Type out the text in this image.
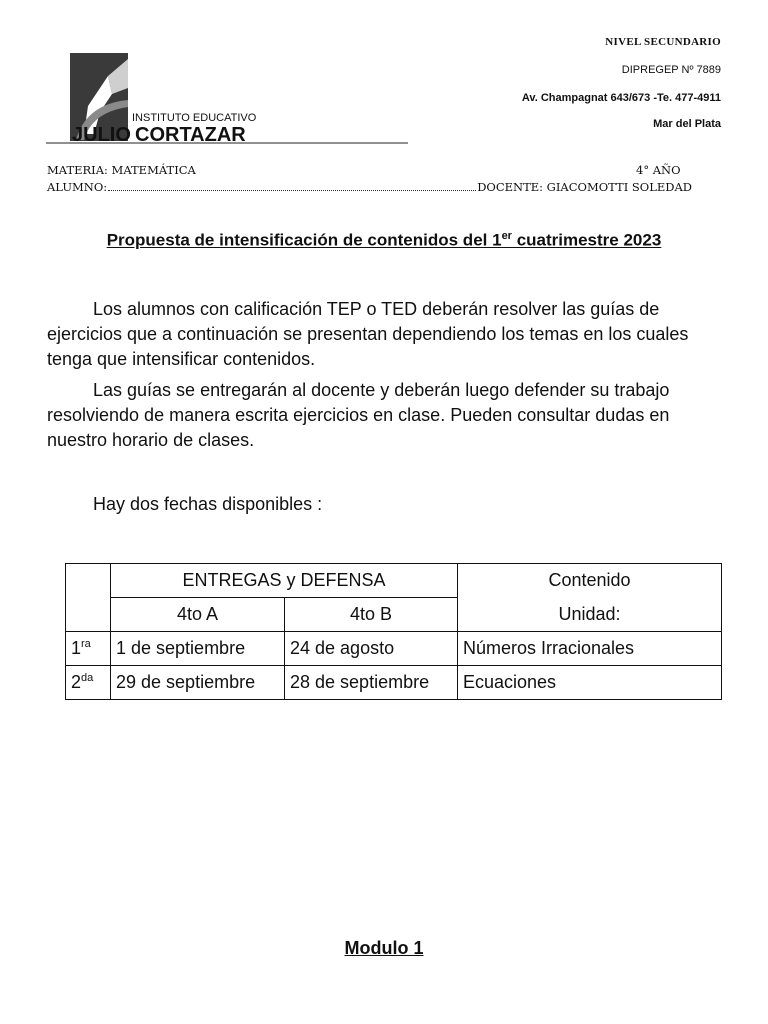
NIVEL SECUNDARIO
DIPREGEP Nº 7889
Av. Champagnat 643/673 -Te. 477-4911
Mar del Plata
INSTITUTO EDUCATIVO
JULIO CORTAZAR
MATERIA: MATEMÁTICA	4° AÑO
ALUMNO:	DOCENTE: GIACOMOTTI SOLEDAD
Propuesta de intensificación de contenidos del 1er cuatrimestre 2023

Los alumnos con calificación TEP o TED deberán resolver las guías de ejercicios que a continuación se presentan dependiendo los temas en los cuales tenga que intensificar contenidos.

Las guías se entregarán al docente y deberán luego defender su trabajo resolviendo de manera escrita ejercicios en clase. Pueden consultar dudas en nuestro horario de clases.

Hay dos fechas disponibles :
	ENTREGAS y DEFENSA		Contenido
	4to A	4to B	Unidad:
$1^{ra}$	1 de septiembre	24 de agosto	Números Irracionales
$2^{da}$	29 de septiembre	28 de septiembre	Ecuaciones
Modulo 1
